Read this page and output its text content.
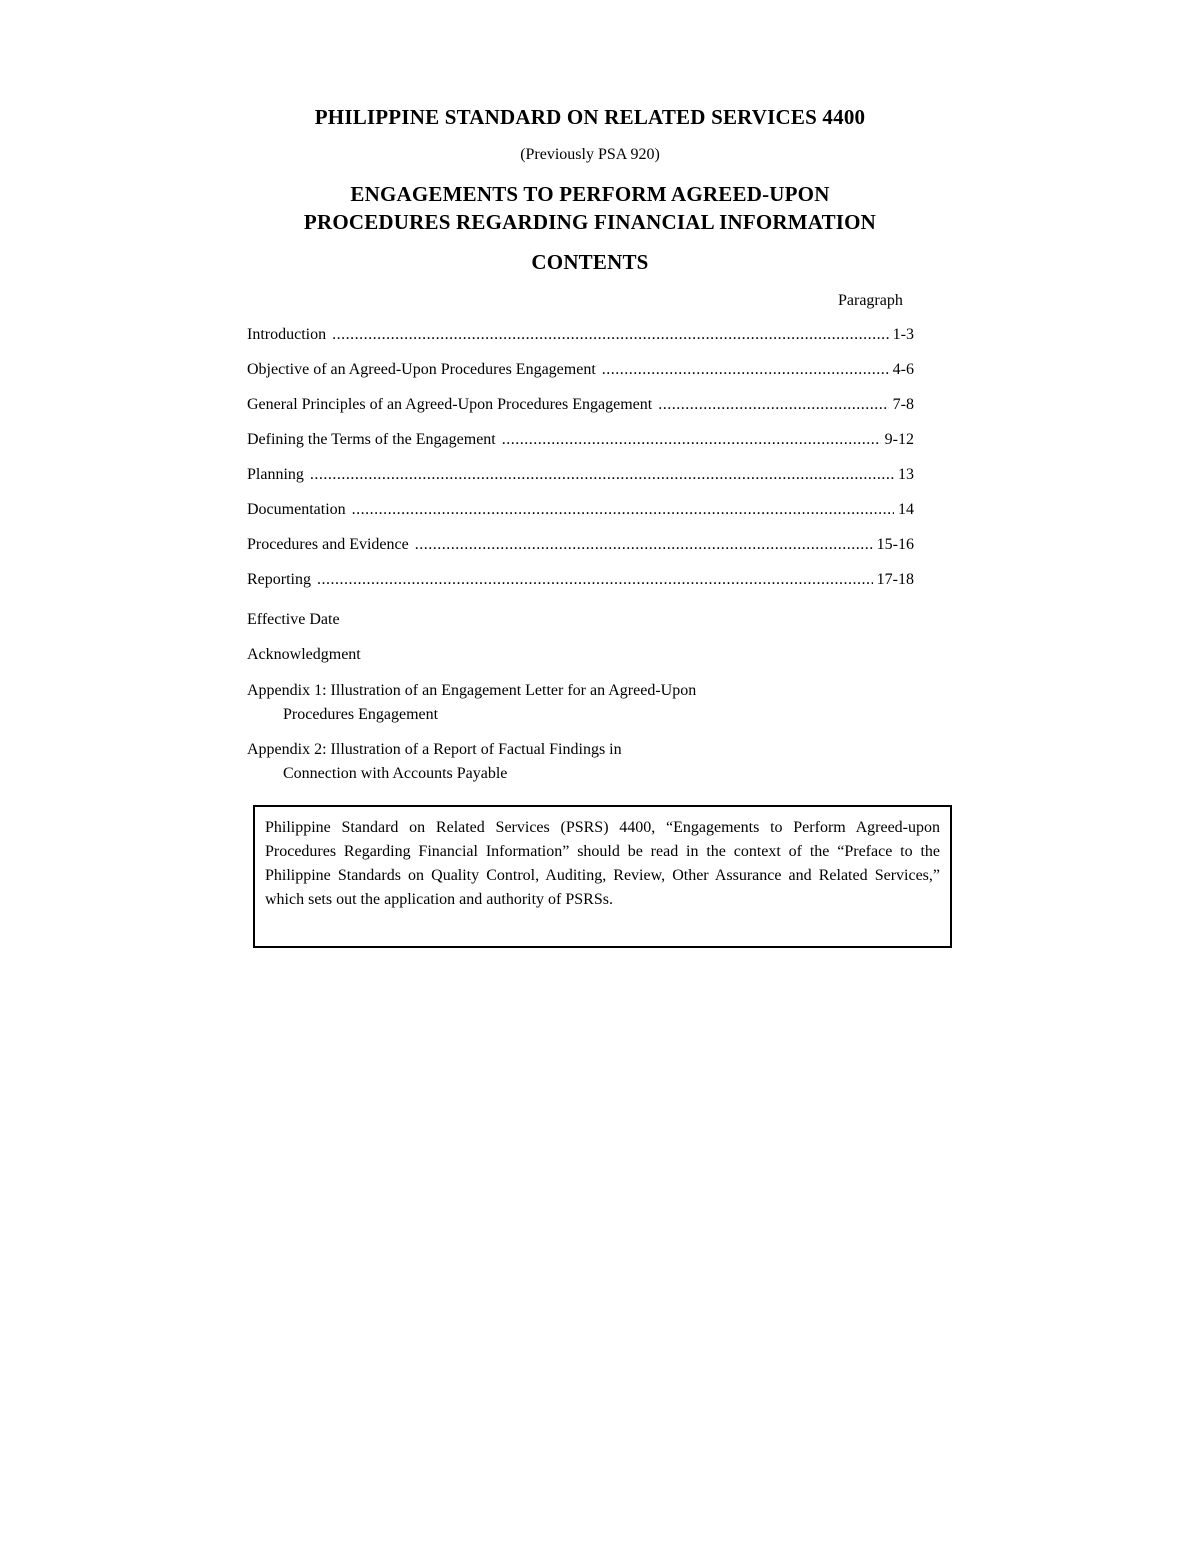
PHILIPPINE STANDARD ON RELATED SERVICES 4400
(Previously PSA 920)
ENGAGEMENTS TO PERFORM AGREED-UPON
PROCEDURES REGARDING FINANCIAL INFORMATION
CONTENTS
Paragraph
Introduction .....	1-3
Objective of an Agreed-Upon Procedures Engagement .....	4-6
General Principles of an Agreed-Upon Procedures Engagement .....	7-8
Defining the Terms of the Engagement .....	9-12
Planning .....	13
Documentation .....	14
Procedures and Evidence .....	15-16
Reporting .....	17-18
Effective Date
Acknowledgment
Appendix 1: Illustration of an Engagement Letter for an Agreed-Upon
Procedures Engagement
Appendix 2: Illustration of a Report of Factual Findings in
Connection with Accounts Payable
Philippine Standard on Related Services (PSRS) 4400, “Engagements to Perform Agreed-upon Procedures Regarding Financial Information” should be read in the context of the “Preface to the Philippine Standards on Quality Control, Auditing, Review, Other Assurance and Related Services,” which sets out the application and authority of PSRSs.
